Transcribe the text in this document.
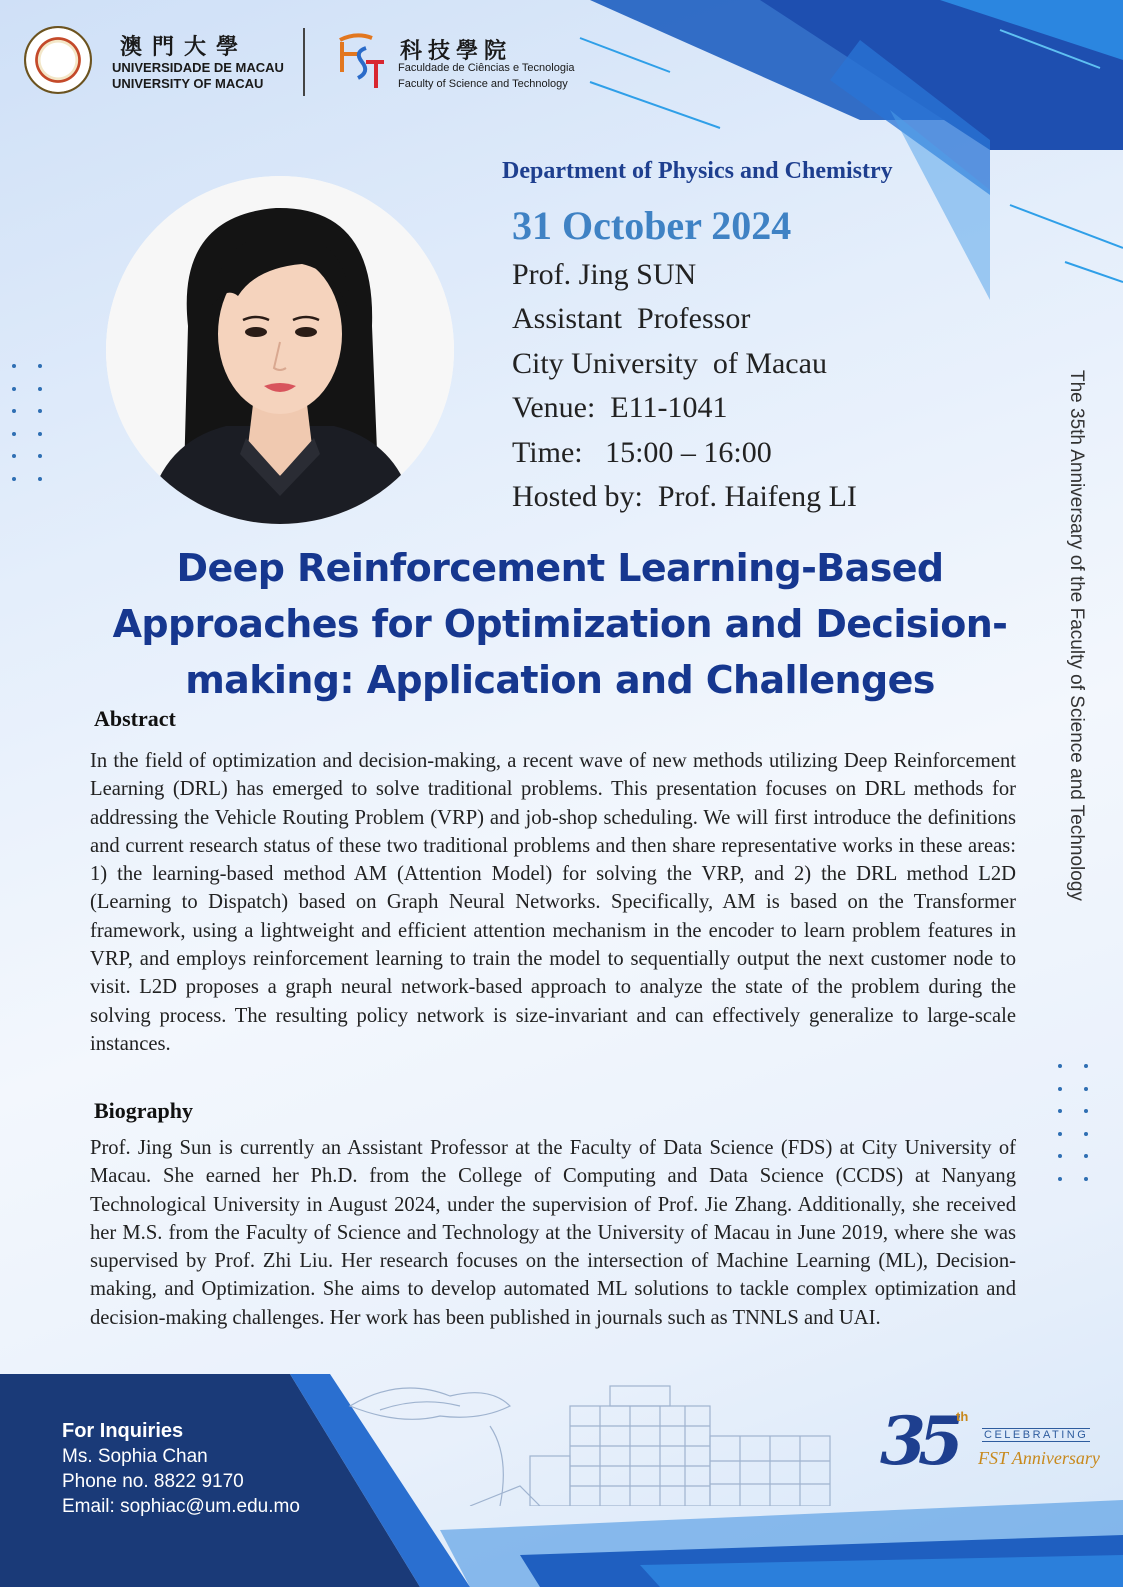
澳門大學
UNIVERSIDADE DE MACAU
UNIVERSITY OF MACAU
科技學院
Faculdade de Ciências e Tecnologia
Faculty of Science and Technology
Department of Physics and Chemistry
31 October 2024
Prof. Jing SUN
Assistant  Professor
City University  of Macau
Venue:  E11-1041
Time:   15:00 – 16:00
Hosted by:  Prof. Haifeng LI
Deep Reinforcement Learning-Based Approaches for Optimization and Decision-making: Application and Challenges
Abstract
In the field of optimization and decision-making, a recent wave of new methods utilizing Deep Reinforcement Learning (DRL) has emerged to solve traditional problems. This presentation focuses on DRL methods for addressing the Vehicle Routing Problem (VRP) and job-shop scheduling. We will first introduce the definitions and current research status of these two traditional problems and then share representative works in these areas: 1) the learning-based method AM (Attention Model) for solving the VRP, and 2) the DRL method L2D (Learning to Dispatch) based on Graph Neural Networks. Specifically, AM is based on the Transformer framework, using a lightweight and efficient attention mechanism in the encoder to learn problem features in VRP, and employs reinforcement learning to train the model to sequentially output the next customer node to visit. L2D proposes a graph neural network-based approach to analyze the state of the problem during the solving process. The resulting policy network is size-invariant and can effectively generalize to large-scale instances.
Biography
Prof. Jing Sun is currently an Assistant Professor at the Faculty of Data Science (FDS) at City University of Macau. She earned her Ph.D. from the College of Computing and Data Science (CCDS) at Nanyang Technological University in August 2024, under the supervision of Prof. Jie Zhang. Additionally, she received her M.S. from the Faculty of Science and Technology at the University of Macau in June 2019, where she was supervised by Prof. Zhi Liu. Her research focuses on the intersection of Machine Learning (ML), Decision-making, and Optimization. She aims to develop automated ML solutions to tackle complex optimization and decision-making challenges. Her work has been published in journals such as TNNLS and UAI.
The 35th Anniversary of the Faculty of Science and Technology
For Inquiries
Ms. Sophia Chan
Phone no. 8822 9170
Email: sophiac@um.edu.mo
35 th
CELEBRATING
FST Anniversary
